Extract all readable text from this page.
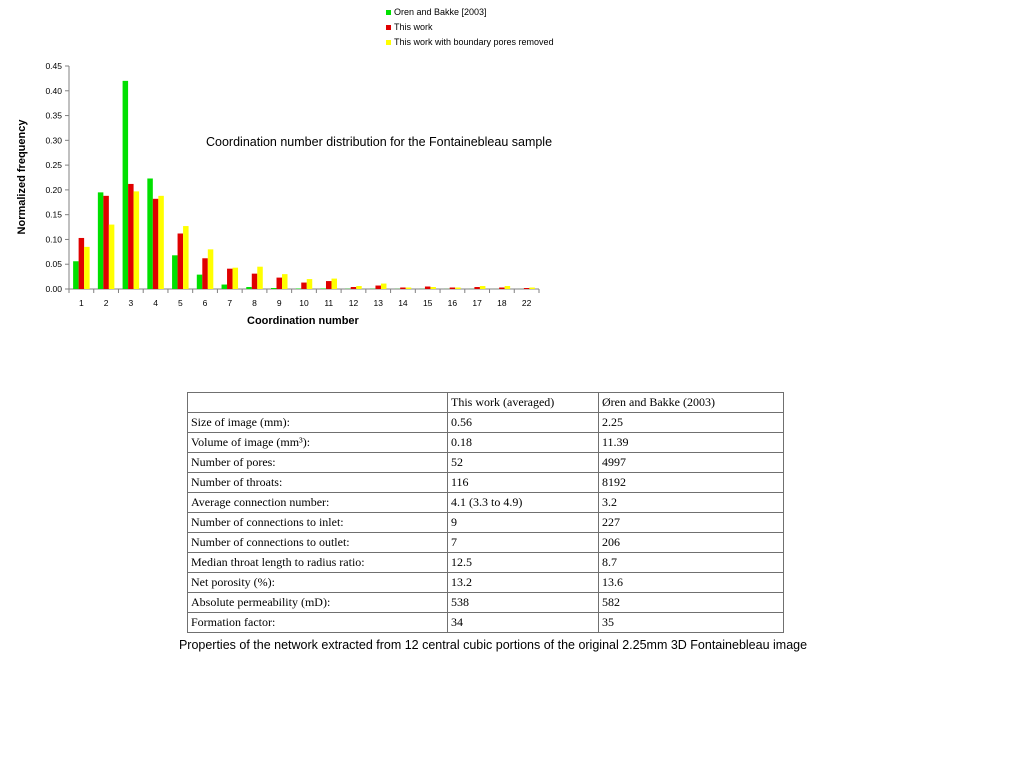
0.00
0.05
0.10
0.15
0.20
0.25
0.30
0.35
0.40
0.45
1 2 3 4 5 6 7 8 9 10 11 12 13 14 15 16 17 18 22
Oren and Bakke [2003]
This work
This work with boundary pores removed
Coordination number distribution for the Fontainebleau sample
Coordination number
Normalized frequency
	This work (averaged)	Øren and Bakke (2003)
Size of image (mm):	0.56	2.25
Volume of image (mm³):	0.18	11.39
Number of pores:	52	4997
Number of throats:	116	8192
Average connection number:	4.1 (3.3 to 4.9)	3.2
Number of connections to inlet:	9	227
Number of connections to outlet:	7	206
Median throat length to radius ratio:	12.5	8.7
Net porosity (%):	13.2	13.6
Absolute permeability (mD):	538	582
Formation factor:	34	35
Properties of the network extracted from 12 central cubic portions of the original 2.25mm 3D Fontainebleau image
